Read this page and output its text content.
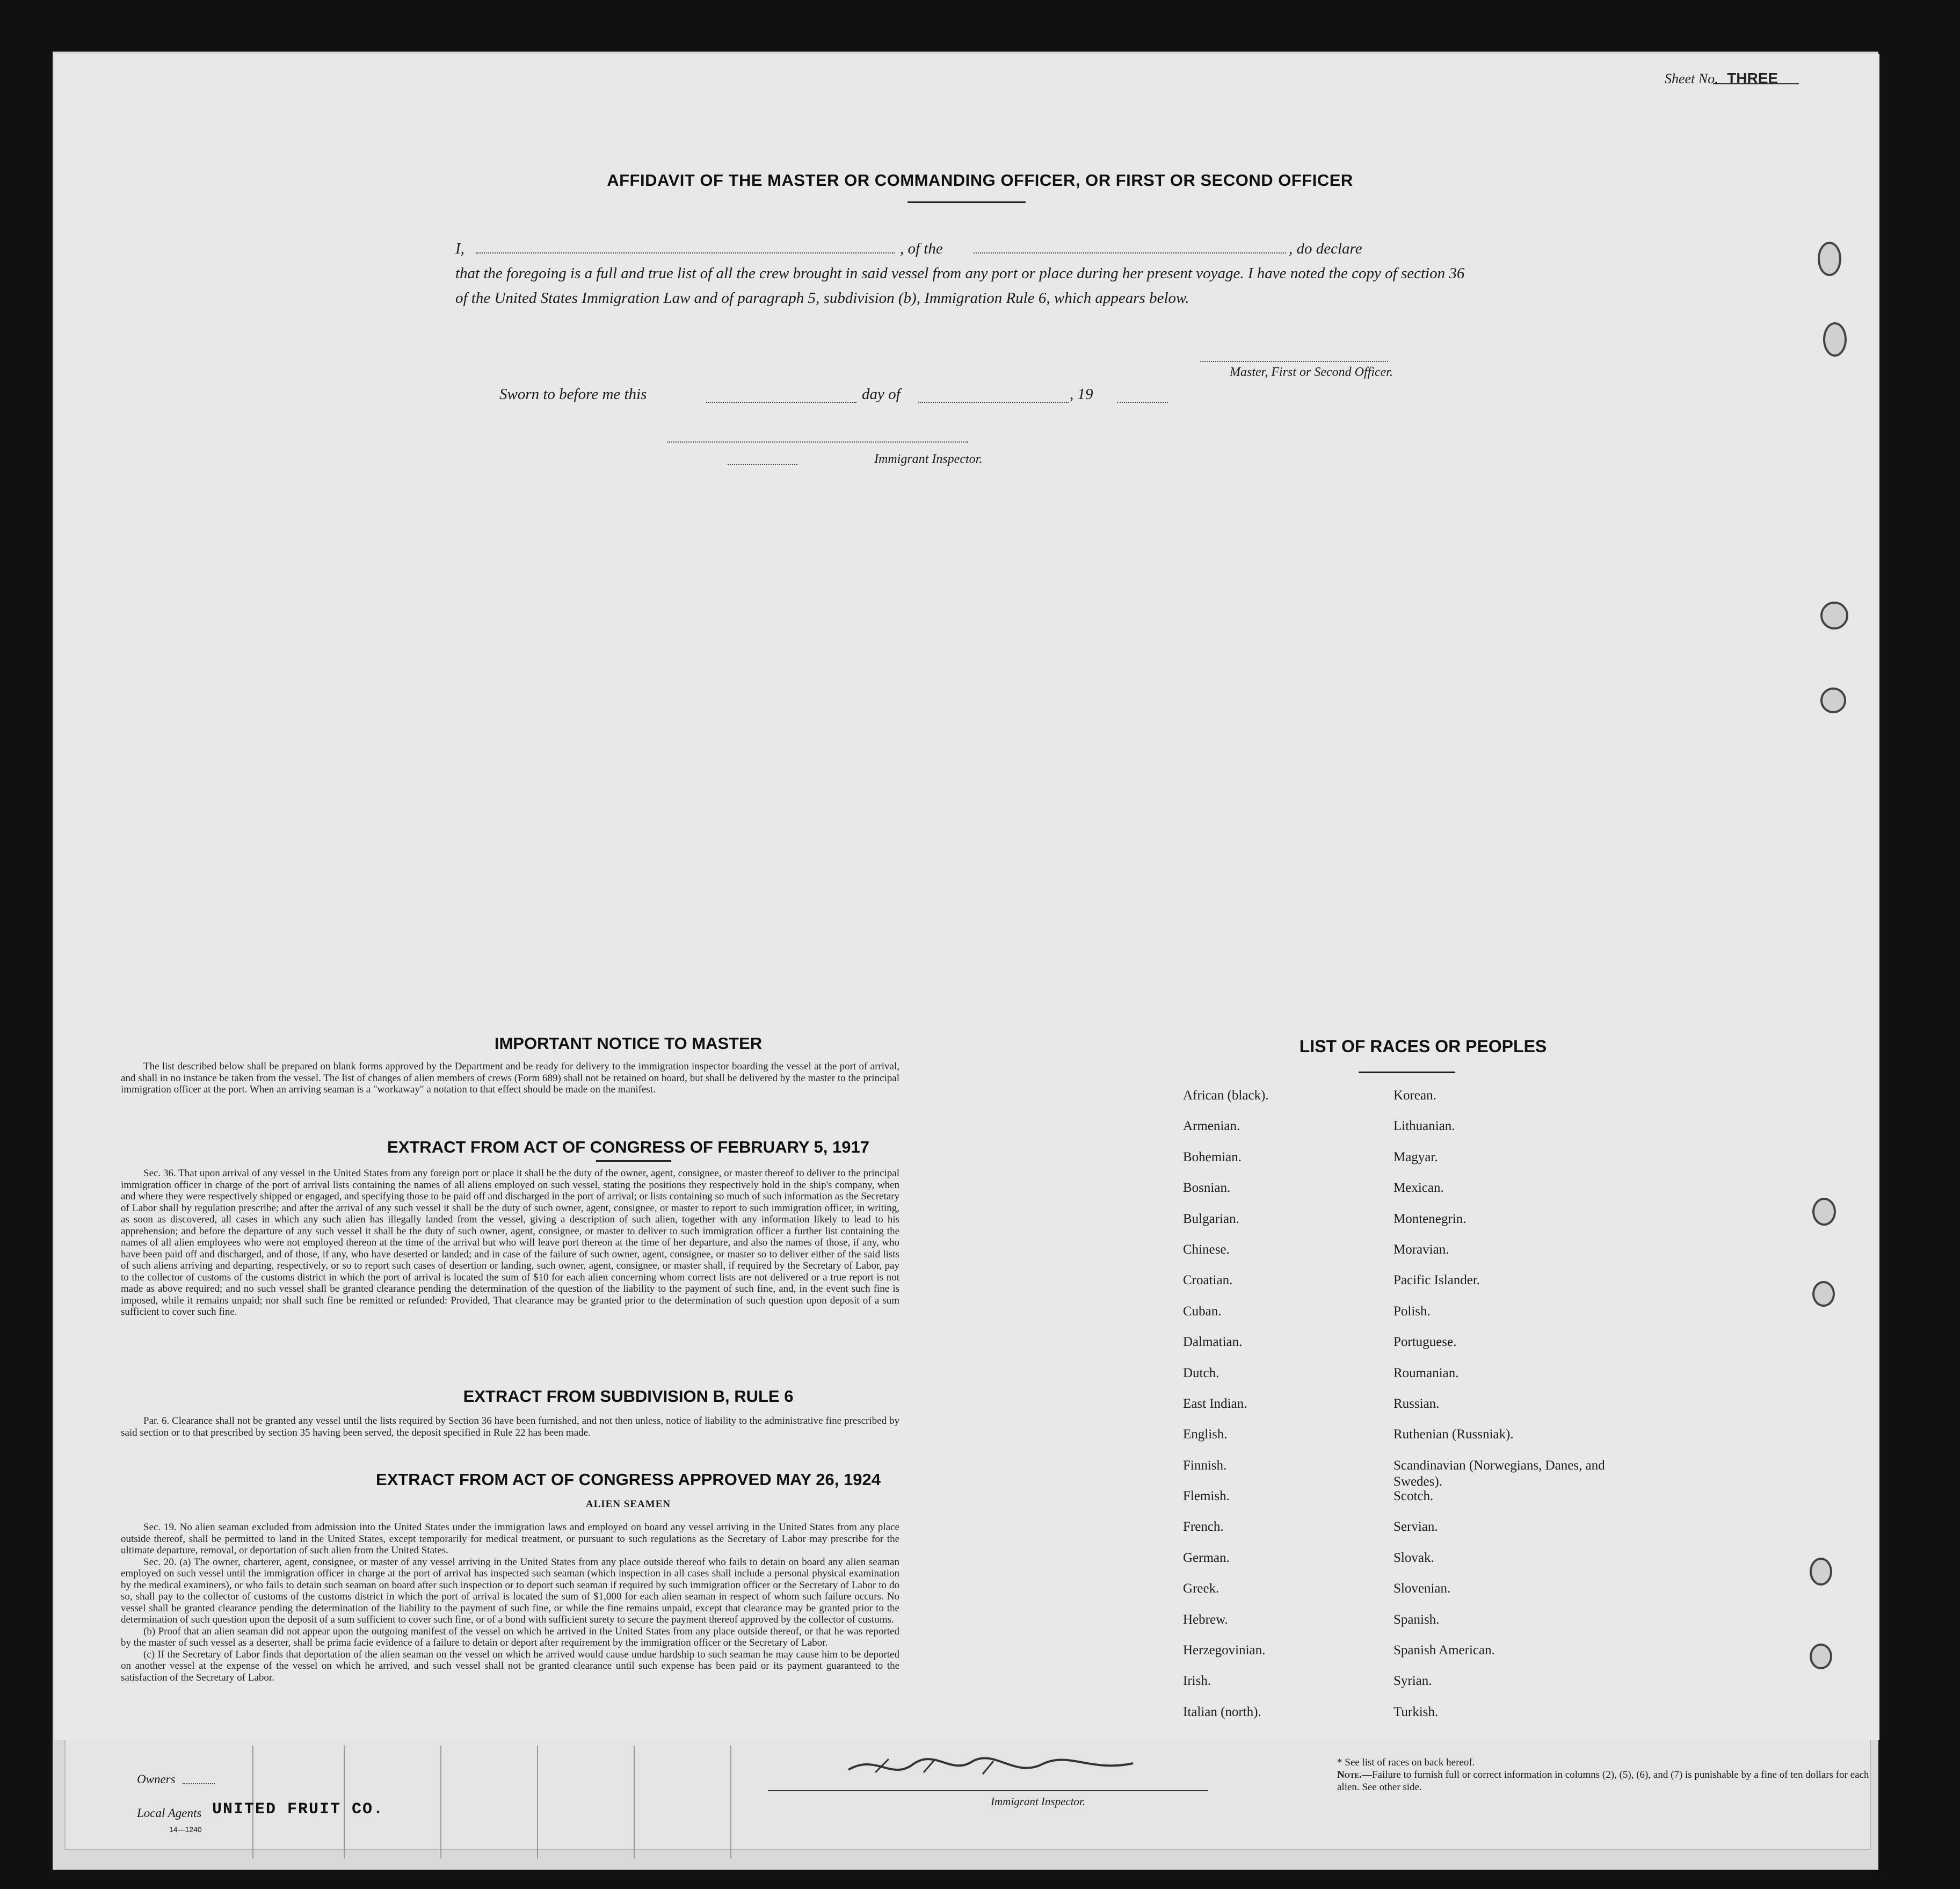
Sheet No. THREE
AFFIDAVIT OF THE MASTER OR COMMANDING OFFICER, OR FIRST OR SECOND OFFICER
I,	, of the	, do declare
that the foregoing is a full and true list of all the crew brought in said vessel from any port or place during her present voyage. I have noted the copy of section 36 of the United States Immigration Law and of paragraph 5, subdivision (b), Immigration Rule 6, which appears below.
Master, First or Second Officer.
Sworn to before me this	day of	, 19
Immigrant Inspector.
IMPORTANT NOTICE TO MASTER

The list described below shall be prepared on blank forms approved by the Department and be ready for delivery to the immigration inspector boarding the vessel at the port of arrival, and shall in no instance be taken from the vessel. The list of changes of alien members of crews (Form 689) shall not be retained on board, but shall be delivered by the master to the principal immigration officer at the port. When an arriving seaman is a "workaway" a notation to that effect should be made on the manifest.

EXTRACT FROM ACT OF CONGRESS OF FEBRUARY 5, 1917

Sec. 36. That upon arrival of any vessel in the United States from any foreign port or place it shall be the duty of the owner, agent, consignee, or master thereof to deliver to the principal immigration officer in charge of the port of arrival lists containing the names of all aliens employed on such vessel, stating the positions they respectively hold in the ship's company, when and where they were respectively shipped or engaged, and specifying those to be paid off and discharged in the port of arrival; or lists containing so much of such information as the Secretary of Labor shall by regulation prescribe; and after the arrival of any such vessel it shall be the duty of such owner, agent, consignee, or master to report to such immigration officer, in writing, as soon as discovered, all cases in which any such alien has illegally landed from the vessel, giving a description of such alien, together with any information likely to lead to his apprehension; and before the departure of any such vessel it shall be the duty of such owner, agent, consignee, or master to deliver to such immigration officer a further list containing the names of all alien employees who were not employed thereon at the time of the arrival but who will leave port thereon at the time of her departure, and also the names of those, if any, who have been paid off and discharged, and of those, if any, who have deserted or landed; and in case of the failure of such owner, agent, consignee, or master so to deliver either of the said lists of such aliens arriving and departing, respectively, or so to report such cases of desertion or landing, such owner, agent, consignee, or master shall, if required by the Secretary of Labor, pay to the collector of customs of the customs district in which the port of arrival is located the sum of $10 for each alien concerning whom correct lists are not delivered or a true report is not made as above required; and no such vessel shall be granted clearance pending the determination of the question of the liability to the payment of such fine, and, in the event such fine is imposed, while it remains unpaid; nor shall such fine be remitted or refunded: Provided, That clearance may be granted prior to the determination of such question upon deposit of a sum sufficient to cover such fine.

EXTRACT FROM SUBDIVISION B, RULE 6

Par. 6. Clearance shall not be granted any vessel until the lists required by Section 36 have been furnished, and not then unless, notice of liability to the administrative fine prescribed by said section or to that prescribed by section 35 having been served, the deposit specified in Rule 22 has been made.

EXTRACT FROM ACT OF CONGRESS APPROVED MAY 26, 1924
ALIEN SEAMEN

Sec. 19. No alien seaman excluded from admission into the United States under the immigration laws and employed on board any vessel arriving in the United States from any place outside thereof, shall be permitted to land in the United States, except temporarily for medical treatment, or pursuant to such regulations as the Secretary of Labor may prescribe for the ultimate departure, removal, or deportation of such alien from the United States.

Sec. 20. (a) The owner, charterer, agent, consignee, or master of any vessel arriving in the United States from any place outside thereof who fails to detain on board any alien seaman employed on such vessel until the immigration officer in charge at the port of arrival has inspected such seaman (which inspection in all cases shall include a personal physical examination by the medical examiners), or who fails to detain such seaman on board after such inspection or to deport such seaman if required by such immigration officer or the Secretary of Labor to do so, shall pay to the collector of customs of the customs district in which the port of arrival is located the sum of $1,000 for each alien seaman in respect of whom such failure occurs. No vessel shall be granted clearance pending the determination of the liability to the payment of such fine, or while the fine remains unpaid, except that clearance may be granted prior to the determination of such question upon the deposit of a sum sufficient to cover such fine, or of a bond with sufficient surety to secure the payment thereof approved by the collector of customs.

(b) Proof that an alien seaman did not appear upon the outgoing manifest of the vessel on which he arrived in the United States from any place outside thereof, or that he was reported by the master of such vessel as a deserter, shall be prima facie evidence of a failure to detain or deport after requirement by the immigration officer or the Secretary of Labor.

(c) If the Secretary of Labor finds that deportation of the alien seaman on the vessel on which he arrived would cause undue hardship to such seaman he may cause him to be deported on another vessel at the expense of the vessel on which he arrived, and such vessel shall not be granted clearance until such expense has been paid or its payment guaranteed to the satisfaction of the Secretary of Labor.

LIST OF RACES OR PEOPLES
African (black).
Armenian.
Bohemian.
Bosnian.
Bulgarian.
Chinese.
Croatian.
Cuban.
Dalmatian.
Dutch.
East Indian.
English.
Finnish.
Flemish.
French.
German.
Greek.
Hebrew.
Herzegovinian.
Irish.
Italian (north).
Korean.
Lithuanian.
Magyar.
Mexican.
Montenegrin.
Moravian.
Pacific Islander.
Polish.
Portuguese.
Roumanian.
Russian.
Ruthenian (Russniak).
Scandinavian (Norwegians, Danes, and Swedes).
Scotch.
Servian.
Slovak.
Slovenian.
Spanish.
Spanish American.
Syrian.
Turkish.
Owners
Local Agents UNITED FRUIT CO.
14—1240
Immigrant Inspector.
* See list of races on back hereof.
Note.—Failure to furnish full or correct information in columns (2), (5), (6), and (7) is punishable by a fine of ten dollars for each alien. See other side.
